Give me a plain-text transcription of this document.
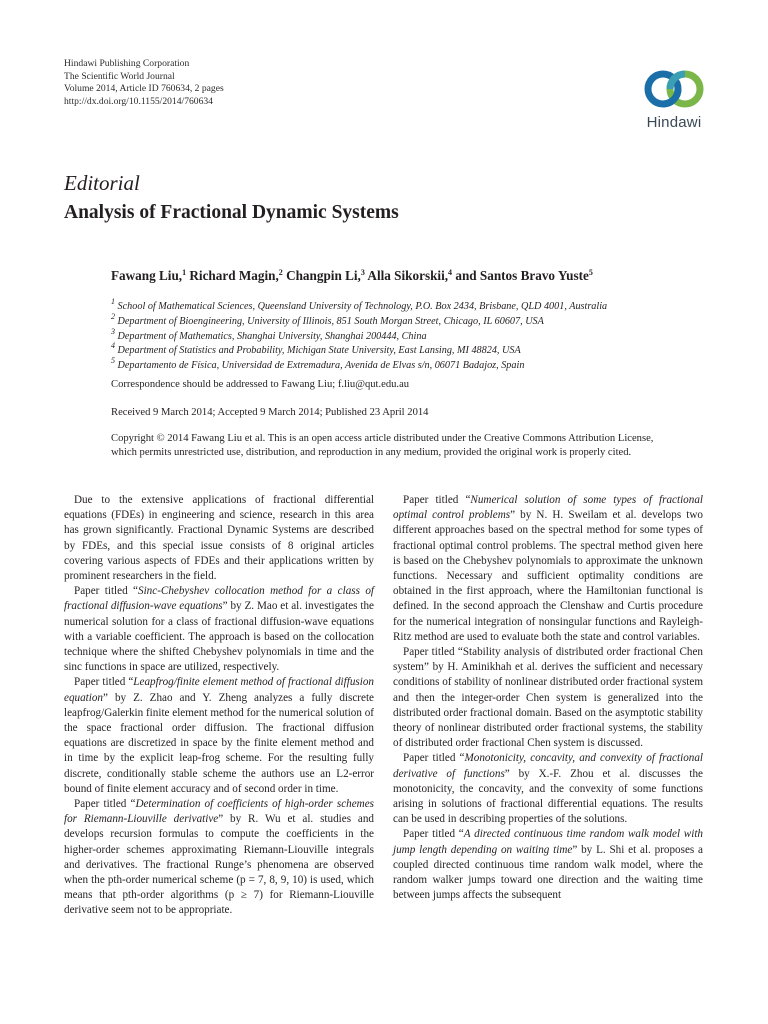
Hindawi Publishing Corporation
The Scientific World Journal
Volume 2014, Article ID 760634, 2 pages
http://dx.doi.org/10.1155/2014/760634
Hindawi
Editorial
Analysis of Fractional Dynamic Systems
Fawang Liu,$^1$ Richard Magin,$^2$ Changpin Li,$^3$ Alla Sikorskii,$^4$ and Santos Bravo Yuste$^5$
$^1$ School of Mathematical Sciences, Queensland University of Technology, P.O. Box 2434, Brisbane, QLD 4001, Australia
$^2$ Department of Bioengineering, University of Illinois, 851 South Morgan Street, Chicago, IL 60607, USA
$^3$ Department of Mathematics, Shanghai University, Shanghai 200444, China
$^4$ Department of Statistics and Probability, Michigan State University, East Lansing, MI 48824, USA
$^5$ Departamento de Física, Universidad de Extremadura, Avenida de Elvas s/n, 06071 Badajoz, Spain
Correspondence should be addressed to Fawang Liu; f.liu@qut.edu.au
Received 9 March 2014; Accepted 9 March 2014; Published 23 April 2014
Copyright © 2014 Fawang Liu et al. This is an open access article distributed under the Creative Commons Attribution License,
which permits unrestricted use, distribution, and reproduction in any medium, provided the original work is properly cited.

Due to the extensive applications of fractional differential equations (FDEs) in engineering and science, research in this area has grown significantly. Fractional Dynamic Systems are described by FDEs, and this special issue consists of 8 original articles covering various aspects of FDEs and their applications written by prominent researchers in the field.

Paper titled “Sinc-Chebyshev collocation method for a class of fractional diffusion-wave equations” by Z. Mao et al. investigates the numerical solution for a class of fractional diffusion-wave equations with a variable coefficient. The approach is based on the collocation technique where the shifted Chebyshev polynomials in time and the sinc functions in space are utilized, respectively.

Paper titled “Leapfrog/finite element method of fractional diffusion equation” by Z. Zhao and Y. Zheng analyzes a fully discrete leapfrog/Galerkin finite element method for the numerical solution of the space fractional order diffusion. The fractional diffusion equations are discretized in space by the finite element method and in time by the explicit leap-frog scheme. For the resulting fully discrete, conditionally stable scheme the authors use an L2-error bound of finite element accuracy and of second order in time.

Paper titled “Determination of coefficients of high-order schemes for Riemann-Liouville derivative” by R. Wu et al. studies and develops recursion formulas to compute the coefficients in the higher-order schemes approximating Riemann-Liouville integrals and derivatives. The fractional Runge’s phenomena are observed when the pth-order numerical scheme (p = 7, 8, 9, 10) is used, which means that pth-order algorithms (p ≥ 7) for Riemann-Liouville derivative seem not to be appropriate.

Paper titled “Numerical solution of some types of fractional optimal control problems” by N. H. Sweilam et al. develops two different approaches based on the spectral method for some types of fractional optimal control problems. The spectral method given here is based on the Chebyshev polynomials to approximate the unknown functions. Necessary and sufficient optimality conditions are obtained in the first approach, where the Hamiltonian functional is defined. In the second approach the Clenshaw and Curtis procedure for the numerical integration of nonsingular functions and Rayleigh-Ritz method are used to evaluate both the state and control variables.

Paper titled “Stability analysis of distributed order fractional Chen system” by H. Aminikhah et al. derives the sufficient and necessary conditions of stability of nonlinear distributed order fractional system and then the integer-order Chen system is generalized into the distributed order fractional domain. Based on the asymptotic stability theory of nonlinear distributed order fractional systems, the stability of distributed order fractional Chen system is discussed.

Paper titled “Monotonicity, concavity, and convexity of fractional derivative of functions” by X.-F. Zhou et al. discusses the monotonicity, the concavity, and the convexity of some functions arising in solutions of fractional differential equations. The results can be used in describing properties of the solutions.

Paper titled “A directed continuous time random walk model with jump length depending on waiting time” by L. Shi et al. proposes a coupled directed continuous time random walk model, where the random walker jumps toward one direction and the waiting time between jumps affects the subsequent
